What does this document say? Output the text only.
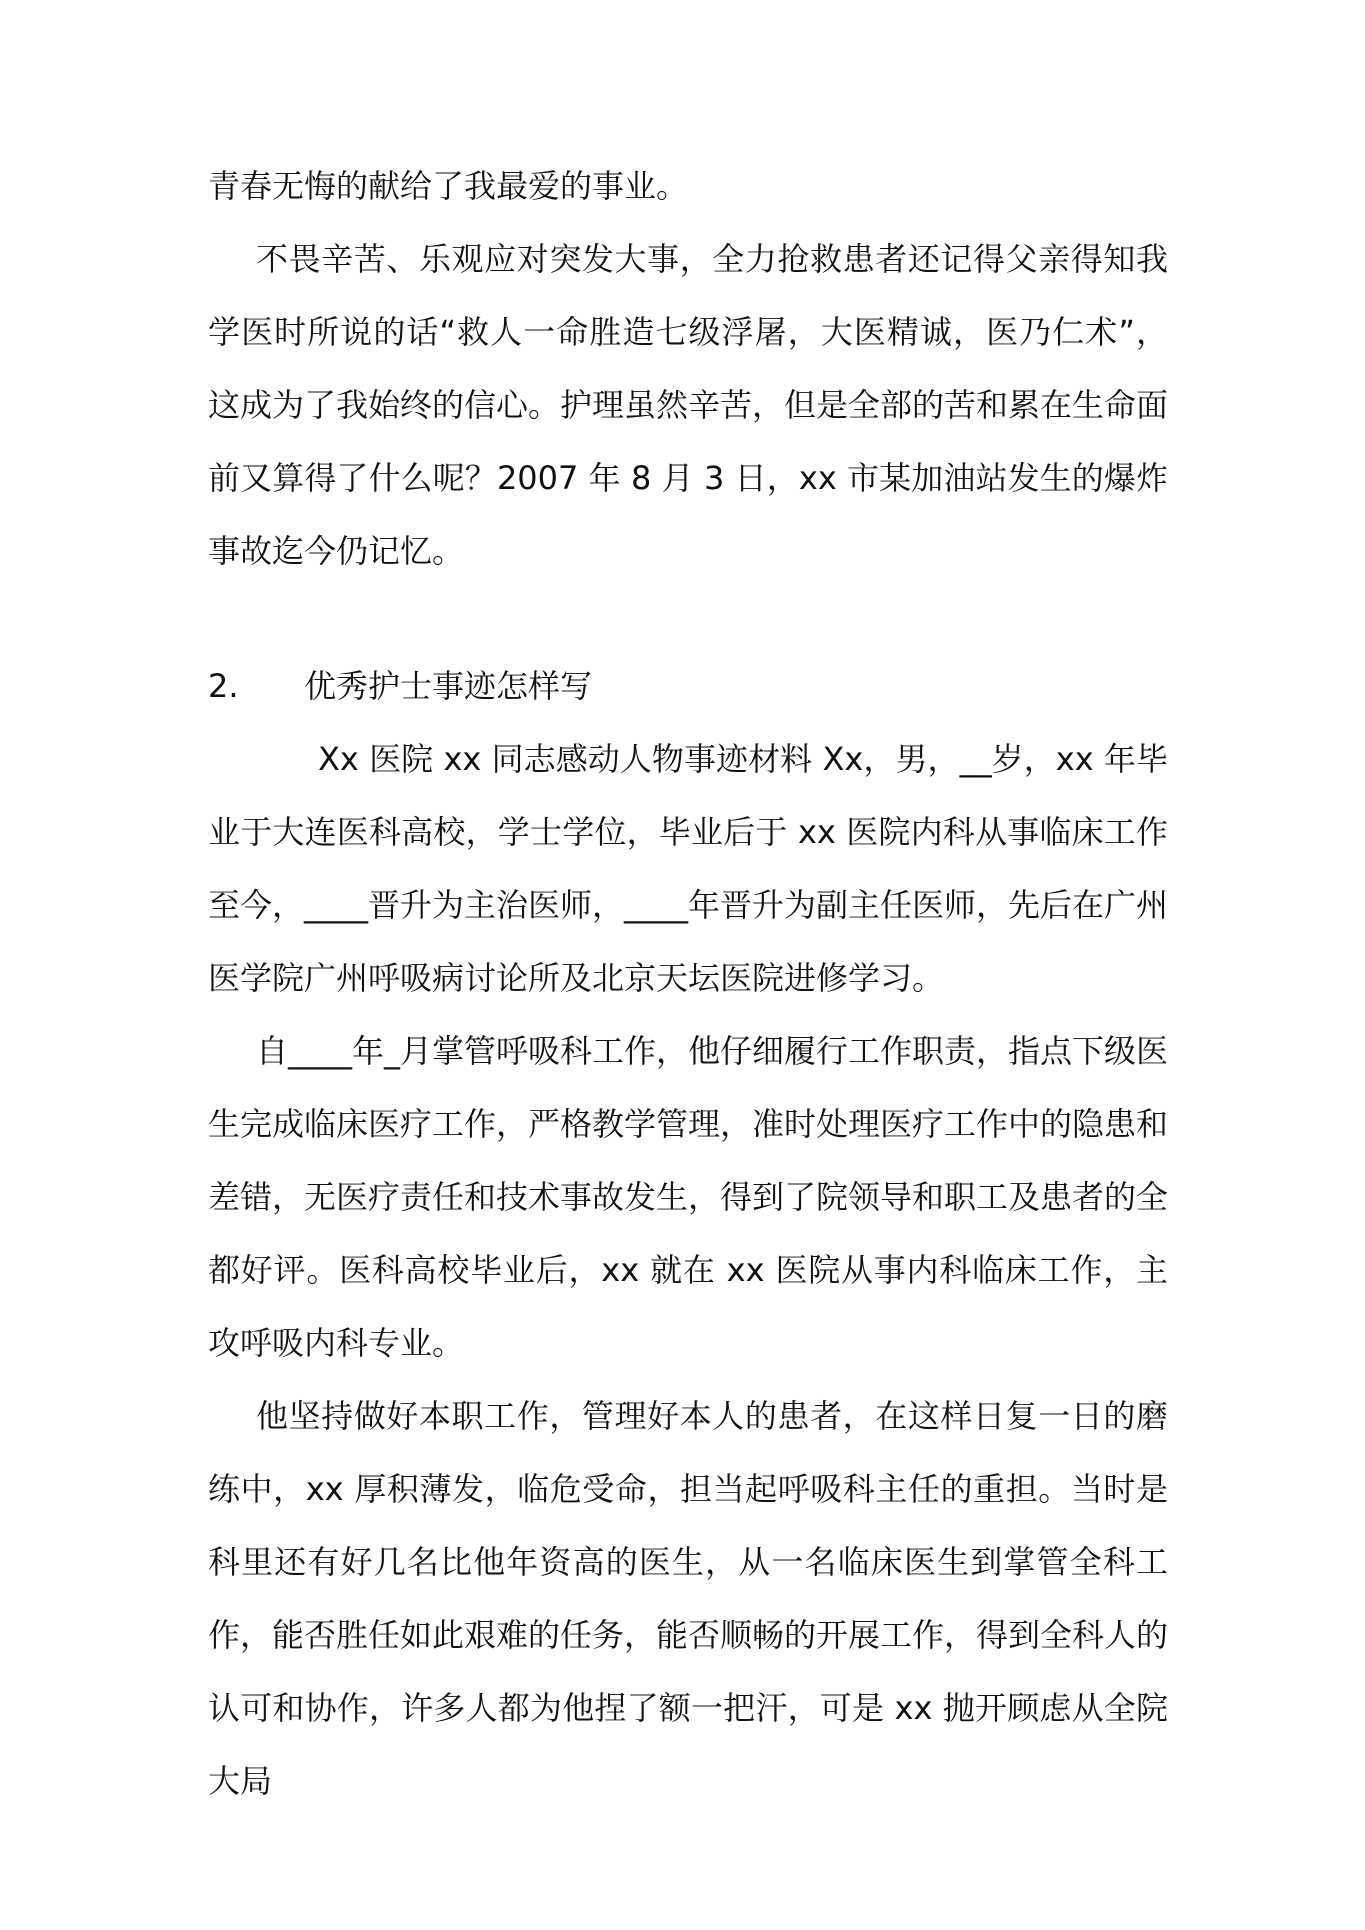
青春无悔的献给了我最爱的事业。

不畏辛苦、乐观应对突发大事，全力抢救患者还记得父亲得知我学医时所说的话“救人一命胜造七级浮屠，大医精诚，医乃仁术”，这成为了我始终的信心。护理虽然辛苦，但是全部的苦和累在生命面前又算得了什么呢？2007 年 8 月 3 日，xx 市某加油站发生的爆炸事故迄今仍记忆。

2.	优秀护士事迹怎样写

Xx 医院 xx 同志感动人物事迹材料 Xx，男，__岁，xx 年毕业于大连医科高校，学士学位，毕业后于 xx 医院内科从事临床工作至今，____晋升为主治医师，____年晋升为副主任医师，先后在广州医学院广州呼吸病讨论所及北京天坛医院进修学习。

自____年_月掌管呼吸科工作，他仔细履行工作职责，指点下级医生完成临床医疗工作，严格教学管理，准时处理医疗工作中的隐患和差错，无医疗责任和技术事故发生，得到了院领导和职工及患者的全都好评。医科高校毕业后，xx 就在 xx 医院从事内科临床工作，主攻呼吸内科专业。

他坚持做好本职工作，管理好本人的患者，在这样日复一日的磨练中，xx 厚积薄发，临危受命，担当起呼吸科主任的重担。当时是科里还有好几名比他年资高的医生，从一名临床医生到掌管全科工作，能否胜任如此艰难的任务，能否顺畅的开展工作，得到全科人的认可和协作，许多人都为他捏了额一把汗，可是 xx 抛开顾虑从全院大局
